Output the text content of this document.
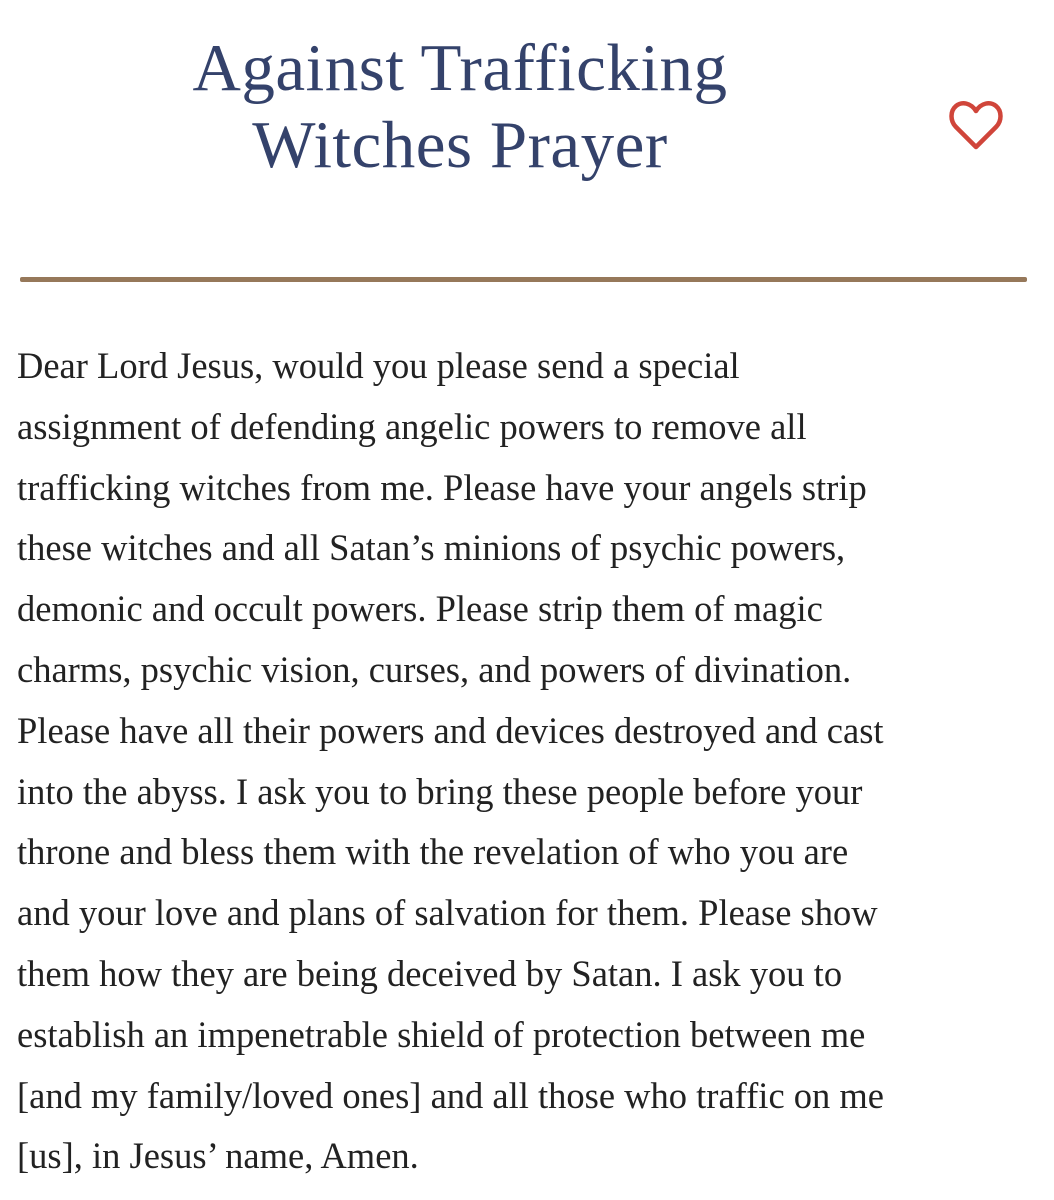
Against Trafficking
Witches Prayer

Dear Lord Jesus, would you please send a special
assignment of defending angelic powers to remove all
trafficking witches from me. Please have your angels strip
these witches and all Satan’s minions of psychic powers,
demonic and occult powers. Please strip them of magic
charms, psychic vision, curses, and powers of divination.
Please have all their powers and devices destroyed and cast
into the abyss. I ask you to bring these people before your
throne and bless them with the revelation of who you are
and your love and plans of salvation for them. Please show
them how they are being deceived by Satan. I ask you to
establish an impenetrable shield of protection between me
[and my family/loved ones] and all those who traffic on me
[us], in Jesus’ name, Amen.
